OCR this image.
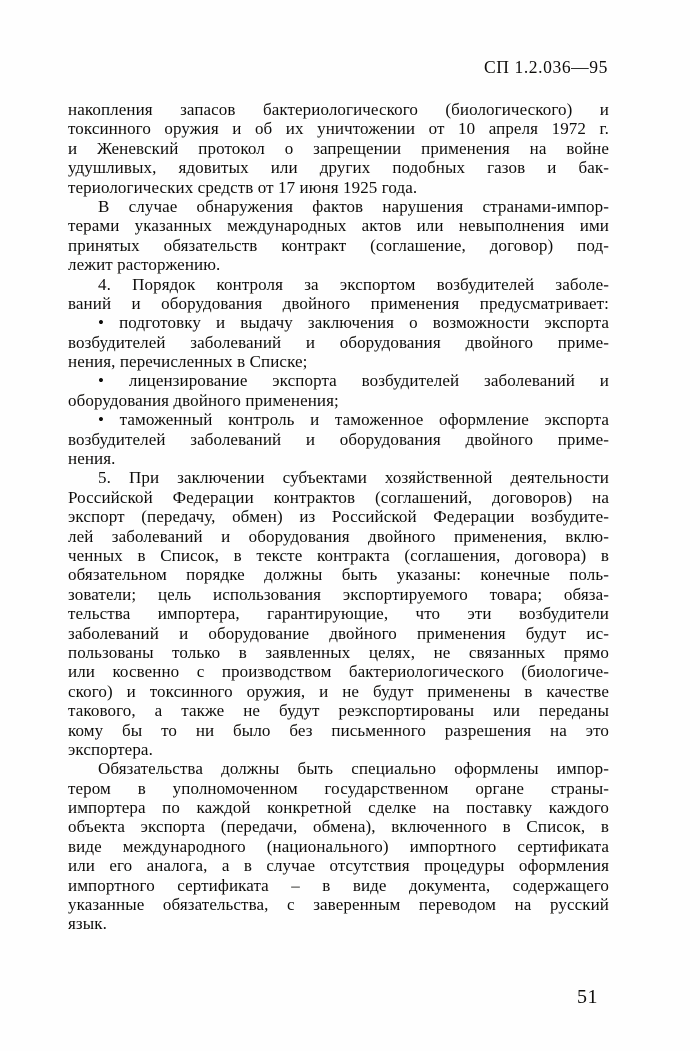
СП 1.2.036—95
накопления запасов бактериологического (биологического) и
токсинного оружия и об их уничтожении от 10 апреля 1972 г.
и Женевский протокол о запрещении применения на войне
удушливых, ядовитых или других подобных газов и бак-
териологических средств от 17 июня 1925 года.
В случае обнаружения фактов нарушения странами-импор-
терами указанных международных актов или невыполнения ими
принятых обязательств контракт (соглашение, договор) под-
лежит расторжению.
4. Порядок контроля за экспортом возбудителей заболе-
ваний и оборудования двойного применения предусматривает:
• подготовку и выдачу заключения о возможности экспорта
возбудителей заболеваний и оборудования двойного приме-
нения, перечисленных в Списке;
• лицензирование экспорта возбудителей заболеваний и
оборудования двойного применения;
• таможенный контроль и таможенное оформление экспорта
возбудителей заболеваний и оборудования двойного приме-
нения.
5. При заключении субъектами хозяйственной деятельности
Российской Федерации контрактов (соглашений, договоров) на
экспорт (передачу, обмен) из Российской Федерации возбудите-
лей заболеваний и оборудования двойного применения, вклю-
ченных в Список, в тексте контракта (соглашения, договора) в
обязательном порядке должны быть указаны: конечные поль-
зователи; цель использования экспортируемого товара; обяза-
тельства импортера, гарантирующие, что эти возбудители
заболеваний и оборудование двойного применения будут ис-
пользованы только в заявленных целях, не связанных прямо
или косвенно с производством бактериологического (биологиче-
ского) и токсинного оружия, и не будут применены в качестве
такового, а также не будут реэкспортированы или переданы
кому бы то ни было без письменного разрешения на это
экспортера.
Обязательства должны быть специально оформлены импор-
тером в уполномоченном государственном органе страны-
импортера по каждой конкретной сделке на поставку каждого
объекта экспорта (передачи, обмена), включенного в Список, в
виде международного (национального) импортного сертификата
или его аналога, а в случае отсутствия процедуры оформления
импортного сертификата – в виде документа, содержащего
указанные обязательства, с заверенным переводом на русский
язык.
51
